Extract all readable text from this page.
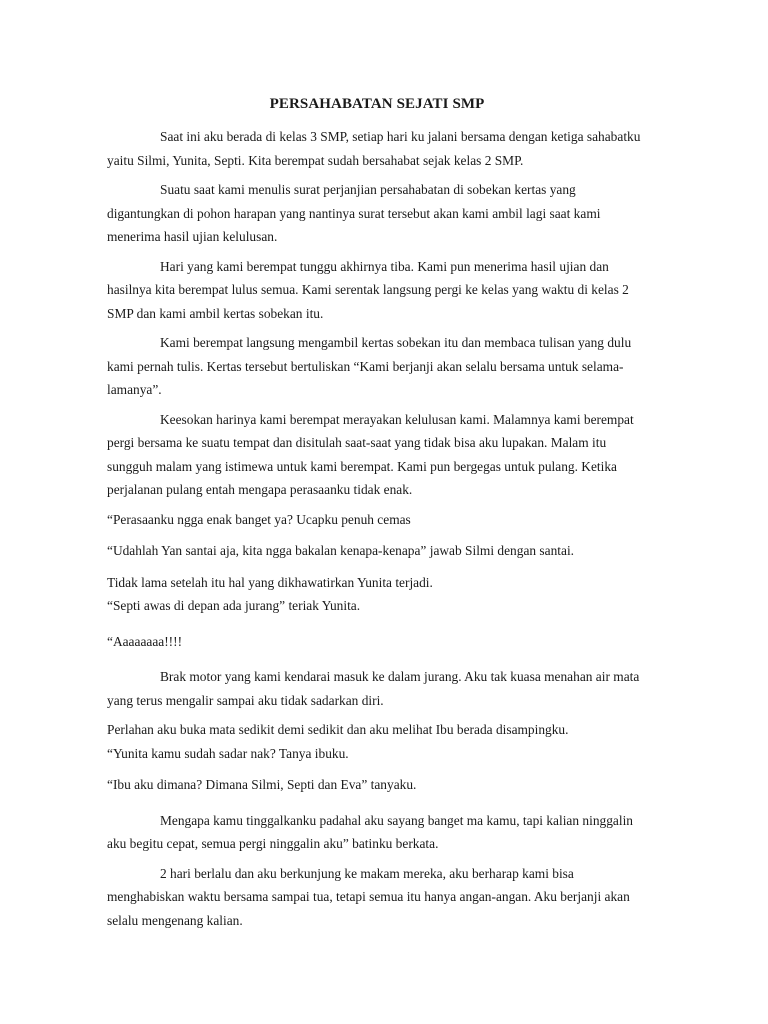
PERSAHABATAN SEJATI SMP

Saat ini aku berada di kelas 3 SMP, setiap hari ku jalani bersama dengan ketiga sahabatku yaitu Silmi, Yunita, Septi. Kita berempat sudah bersahabat sejak kelas 2 SMP.

Suatu saat kami menulis surat perjanjian persahabatan di sobekan kertas yang digantungkan di pohon harapan yang nantinya surat tersebut akan kami ambil lagi saat kami menerima hasil ujian kelulusan.

Hari yang kami berempat tunggu akhirnya tiba. Kami pun menerima hasil ujian dan hasilnya kita berempat lulus semua. Kami serentak langsung pergi ke kelas yang waktu di kelas 2 SMP dan kami ambil kertas sobekan itu.

Kami berempat langsung mengambil kertas sobekan itu dan membaca tulisan yang dulu kami pernah tulis. Kertas tersebut bertuliskan “Kami berjanji akan selalu bersama untuk selama-lamanya”.

Keesokan harinya kami berempat merayakan kelulusan kami. Malamnya kami berempat pergi bersama ke suatu tempat dan disitulah saat-saat yang tidak bisa aku lupakan. Malam itu sungguh malam yang istimewa untuk kami berempat. Kami pun bergegas untuk pulang. Ketika perjalanan pulang entah mengapa perasaanku tidak enak.

“Perasaanku ngga enak banget ya? Ucapku penuh cemas

“Udahlah Yan santai aja, kita ngga bakalan kenapa-kenapa” jawab Silmi dengan santai.

Tidak lama setelah itu hal yang dikhawatirkan Yunita terjadi.

“Septi awas di depan ada jurang” teriak Yunita.

“Aaaaaaaa!!!!

Brak motor yang kami kendarai masuk ke dalam jurang. Aku tak kuasa menahan air mata yang terus mengalir sampai aku tidak sadarkan diri.

Perlahan aku buka mata sedikit demi sedikit dan aku melihat Ibu berada disampingku.

“Yunita kamu sudah sadar nak? Tanya ibuku.

“Ibu aku dimana? Dimana Silmi, Septi dan Eva” tanyaku.

Mengapa kamu tinggalkanku padahal aku sayang banget ma kamu, tapi kalian ninggalin aku begitu cepat, semua pergi ninggalin aku” batinku berkata.

2 hari berlalu dan aku berkunjung ke makam mereka, aku berharap kami bisa menghabiskan waktu bersama sampai tua, tetapi semua itu hanya angan-angan. Aku berjanji akan selalu mengenang kalian.
